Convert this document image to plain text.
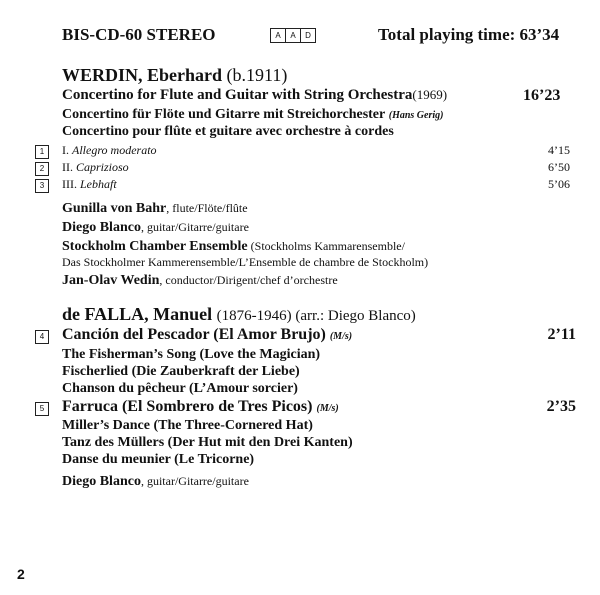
BIS-CD-60 STEREO	A	A	D	Total playing time: 63’34
WERDIN, Eberhard (b.1911)
Concertino for Flute and Guitar with String Orchestra(1969)	16’23
Concertino für Flöte und Gitarre mit Streichorchester (Hans Gerig)
Concertino pour flûte et guitare avec orchestre à cordes
1	I. Allegro moderato	4’15
2	II. Caprizioso	6’50
3	III. Lebhaft	5’06
Gunilla von Bahr, flute/Flöte/flûte
Diego Blanco, guitar/Gitarre/guitare
Stockholm Chamber Ensemble (Stockholms Kammarensemble/
Das Stockholmer Kammerensemble/L’Ensemble de chambre de Stockholm)
Jan-Olav Wedin, conductor/Dirigent/chef d’orchestre
de FALLA, Manuel (1876-1946) (arr.: Diego Blanco)
4 Canción del Pescador (El Amor Brujo) (M/s)	2’11
The Fisherman’s Song (Love the Magician)
Fischerlied (Die Zauberkraft der Liebe)
Chanson du pêcheur (L’Amour sorcier)
5 Farruca (El Sombrero de Tres Picos) (M/s)	2’35
Miller’s Dance (The Three-Cornered Hat)
Tanz des Müllers (Der Hut mit den Drei Kanten)
Danse du meunier (Le Tricorne)
Diego Blanco, guitar/Gitarre/guitare
2
